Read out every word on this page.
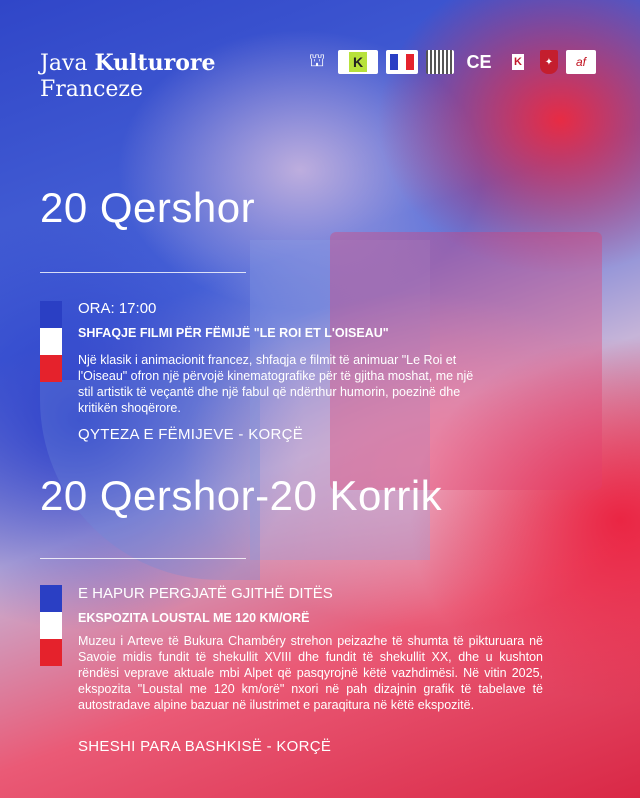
Java Kulturore
Franceze
⛫	K	CE	K	✦	af
20 Qershor
ORA: 17:00
SHFAQJE FILMI PËR FËMIJË "LE ROI ET L'OISEAU"
Një klasik i animacionit francez, shfaqja e filmit të animuar "Le Roi et l'Oiseau" ofron një përvojë kinematografike për të gjitha moshat, me një stil artistik të veçantë dhe një fabul që ndërthur humorin, poezinë dhe kritikën shoqërore.
QYTEZA E FËMIJEVE - KORÇË
20 Qershor-20 Korrik
E HAPUR PERGJATË GJITHË DITËS
EKSPOZITA LOUSTAL ME 120 KM/ORË
Muzeu i Arteve të Bukura Chambéry strehon peizazhe të shumta të pikturuara në Savoie midis fundit të shekullit XVIII dhe fundit të shekullit XX, dhe u kushton rëndësi veprave aktuale mbi Alpet që pasqyrojnë këtë vazhdimësi. Në vitin 2025, ekspozita "Loustal me 120 km/orë" nxori në pah dizajnin grafik të tabelave të autostradave alpine bazuar në ilustrimet e paraqitura në këtë ekspozitë.
SHESHI PARA BASHKISË - KORÇË
